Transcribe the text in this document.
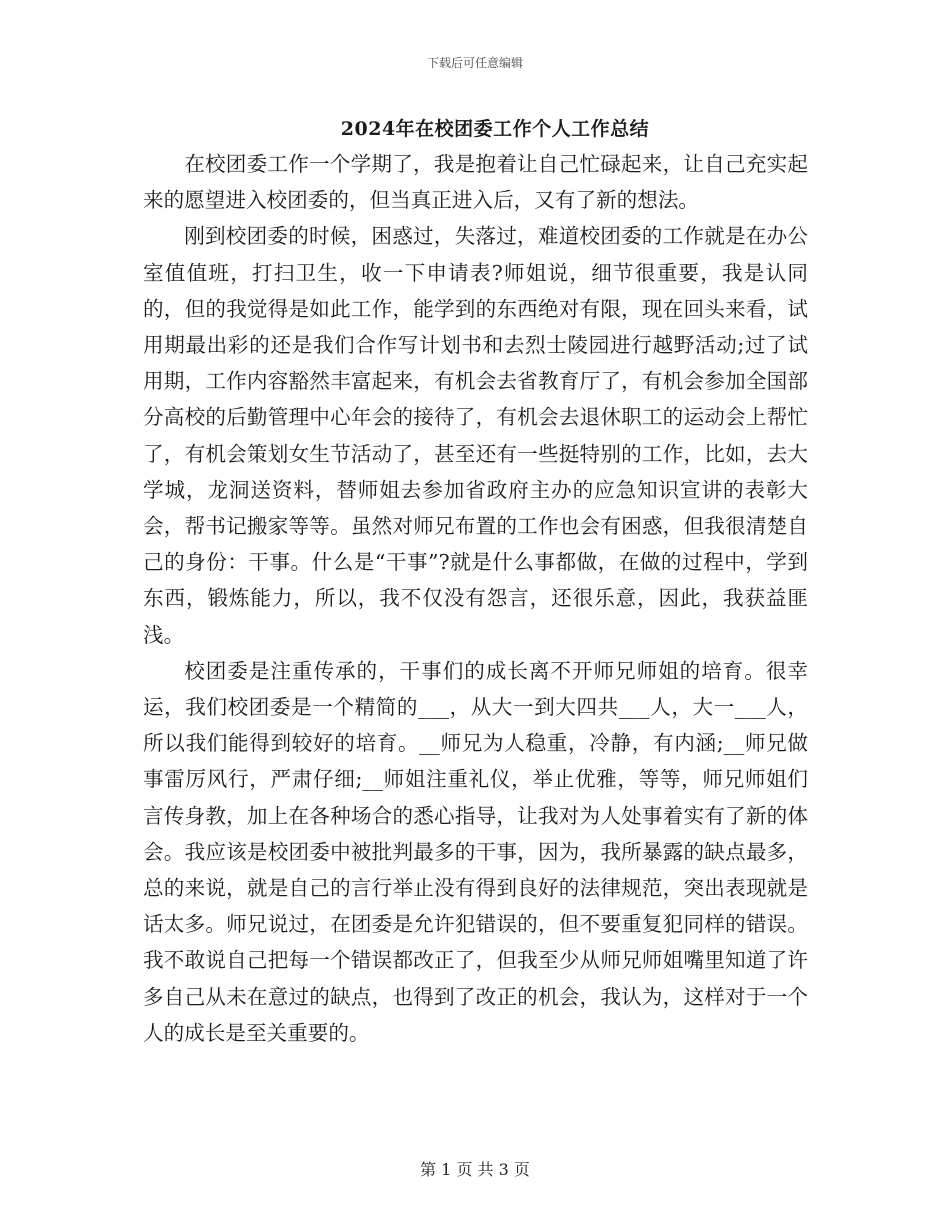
下载后可任意编辑
2024年在校团委工作个人工作总结

在校团委工作一个学期了，我是抱着让自己忙碌起来，让自己充实起来的愿望进入校团委的，但当真正进入后，又有了新的想法。

刚到校团委的时候，困惑过，失落过，难道校团委的工作就是在办公室值值班，打扫卫生，收一下申请表?师姐说，细节很重要，我是认同的，但的我觉得是如此工作，能学到的东西绝对有限，现在回头来看，试用期最出彩的还是我们合作写计划书和去烈士陵园进行越野活动;过了试用期，工作内容豁然丰富起来，有机会去省教育厅了，有机会参加全国部分高校的后勤管理中心年会的接待了，有机会去退休职工的运动会上帮忙了，有机会策划女生节活动了，甚至还有一些挺特别的工作，比如，去大学城，龙洞送资料，替师姐去参加省政府主办的应急知识宣讲的表彰大会，帮书记搬家等等。虽然对师兄布置的工作也会有困惑，但我很清楚自己的身份：干事。什么是“干事”?就是什么事都做，在做的过程中，学到东西，锻炼能力，所以，我不仅没有怨言，还很乐意，因此，我获益匪浅。

校团委是注重传承的，干事们的成长离不开师兄师姐的培育。很幸运，我们校团委是一个精简的___，从大一到大四共___人，大一___人，所以我们能得到较好的培育。__师兄为人稳重，冷静，有内涵;__师兄做事雷厉风行，严肃仔细;__师姐注重礼仪，举止优雅，等等，师兄师姐们言传身教，加上在各种场合的悉心指导，让我对为人处事着实有了新的体会。我应该是校团委中被批判最多的干事，因为，我所暴露的缺点最多，总的来说，就是自己的言行举止没有得到良好的法律规范，突出表现就是话太多。师兄说过，在团委是允许犯错误的，但不要重复犯同样的错误。我不敢说自己把每一个错误都改正了，但我至少从师兄师姐嘴里知道了许多自己从未在意过的缺点，也得到了改正的机会，我认为，这样对于一个人的成长是至关重要的。

第 1 页 共 3 页
